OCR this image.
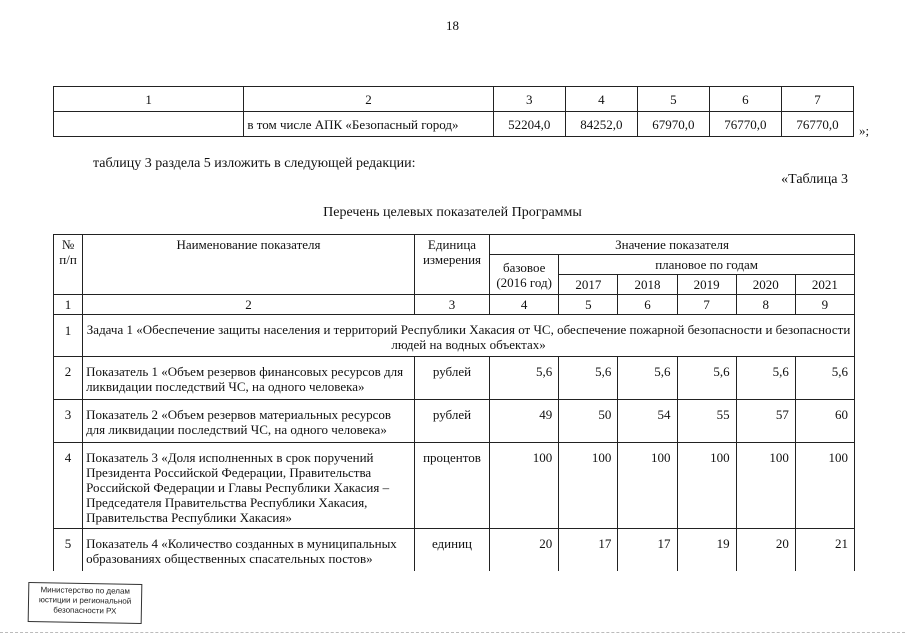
18
1	2	3	4	5	6	7
	в том числе АПК «Безопасный город»	52204,0	84252,0	67970,0	76770,0	76770,0 »;
таблицу 3 раздела 5 изложить в следующей редакции:
«Таблица 3
Перечень целевых показателей Программы
№ п/п	Наименование показателя	Единица измерения	Значение показателя					
			базовое (2016 год)	плановое по годам				
				2017	2018	2019	2020	2021
1	2	3	4	5	6	7	8	9
1	Задача 1 «Обеспечение защиты населения и территорий Республики Хакасия от ЧС, обеспечение пожарной безопасности и безопасности людей на водных объектах»							
2	Показатель 1 «Объем резервов финансовых ресурсов для ликвидации последствий ЧС, на одного человека»	рублей	5,6	5,6	5,6	5,6	5,6	5,6
3	Показатель 2 «Объем резервов материальных ресурсов для ликвидации последствий ЧС, на одного человека»	рублей	49	50	54	55	57	60
4	Показатель 3 «Доля исполненных в срок поручений Президента Российской Федерации, Правительства Российской Федерации и Главы Республики Хакасия – Председателя Правительства Республики Хакасия, Правительства Республики Хакасия»	процентов	100	100	100	100	100	100
5	Показатель 4 «Количество созданных в муниципальных образованиях общественных спасательных постов»	единиц	20	17	17	19	20	21
Министерство по делам юстиции и региональной безопасности РХ
